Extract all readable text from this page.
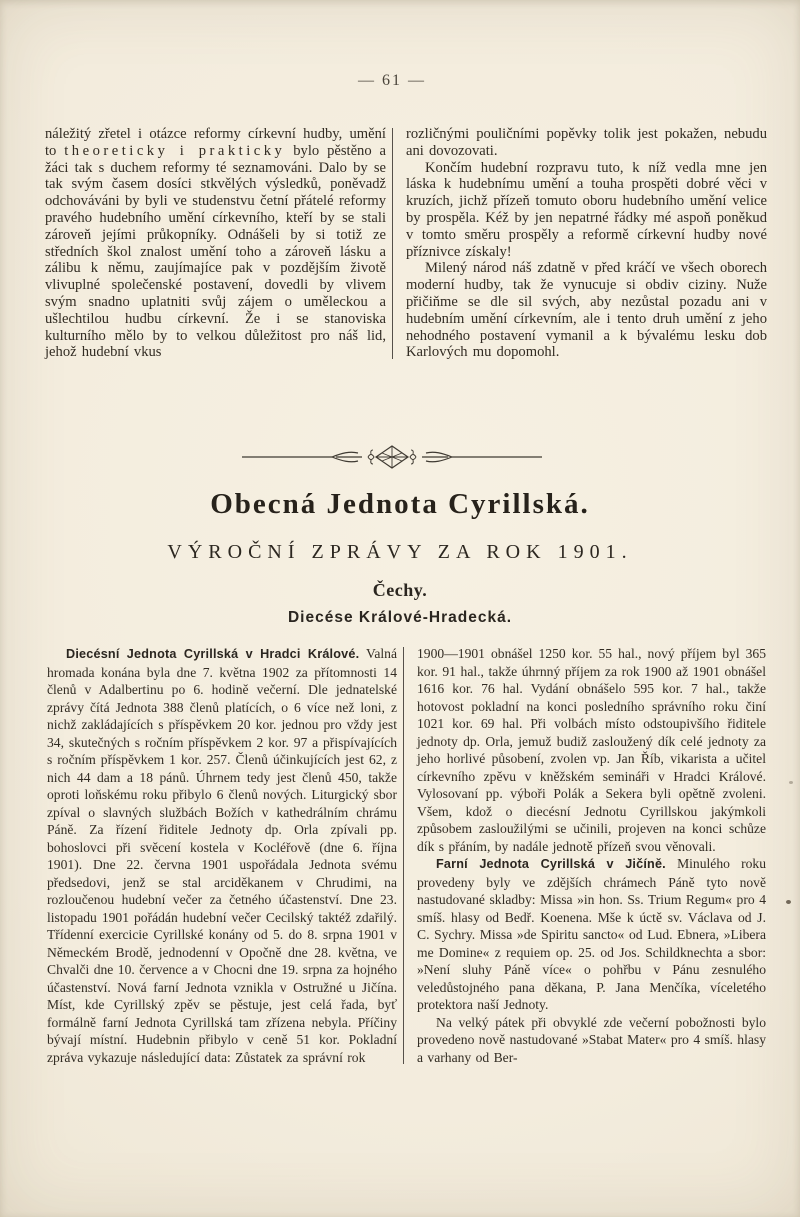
— 61 —

náležitý zřetel i otázce reformy církevní hudby, umění to theoreticky i prakticky bylo pěstěno a žáci tak s duchem reformy té seznamováni. Dalo by se tak svým časem dosíci stkvělých výsledků, poněvadž odchováváni by byli ve studenstvu četní přátelé reformy pravého hudebního umění církevního, kteří by se stali zároveň jejími průkopníky. Odnášeli by si totiž ze středních škol znalost umění toho a zároveň lásku a zálibu k němu, zaujímajíce pak v pozdějším životě vlivuplné společenské postavení, dovedli by vlivem svým snadno uplatniti svůj zájem o uměleckou a ušlechtilou hudbu církevní. Že i se stanoviska kulturního mělo by to velkou důležitost pro náš lid, jehož hudební vkus

rozličnými pouličními popěvky tolik jest pokažen, nebudu ani dovozovati.

Končím hudební rozpravu tuto, k níž vedla mne jen láska k hudebnímu umění a touha prospěti dobré věci v kruzích, jichž přízeň tomuto oboru hudebního umění velice by prospěla. Kéž by jen nepatrné řádky mé aspoň poněkud v tomto směru prospěly a reformě církevní hudby nové příznivce získaly!

Milený národ náš zdatně v před kráčí ve všech oborech moderní hudby, tak že vynucuje si obdiv ciziny. Nuže přičiňme se dle sil svých, aby nezůstal pozadu ani v hudebním umění církevním, ale i tento druh umění z jeho nehodného postavení vymanil a k bývalému lesku dob Karlových mu dopomohl.

Obecná Jednota Cyrillská.
VÝROČNÍ ZPRÁVY ZA ROK 1901.
Čechy.
Diecése Králové-Hradecká.

Diecésní Jednota Cyrillská v Hradci Králové. Valná hromada konána byla dne 7. května 1902 za přítomnosti 14 členů v Adalbertinu po 6. hodině večerní. Dle jednatelské zprávy čítá Jednota 388 členů platících, o 6 více než loni, z nichž zakládajících s příspěvkem 20 kor. jednou pro vždy jest 34, skutečných s ročním příspěvkem 2 kor. 97 a přispívajících s ročním příspěvkem 1 kor. 257. Členů účinkujících jest 62, z nich 44 dam a 18 pánů. Úhrnem tedy jest členů 450, takže oproti loňskému roku přibylo 6 členů nových. Liturgický sbor zpíval o slavných službách Božích v kathedrálním chrámu Páně. Za řízení řiditele Jednoty dp. Orla zpívali pp. bohoslovci při svěcení kostela v Kocléřově (dne 6. října 1901). Dne 22. června 1901 uspořádala Jednota svému předsedovi, jenž se stal arciděkanem v Chrudimi, na rozloučenou hudební večer za četného účastenství. Dne 23. listopadu 1901 pořádán hudební večer Cecilský taktéž zdařilý. Třídenní exercicie Cyrillské konány od 5. do 8. srpna 1901 v Německém Brodě, jednodenní v Opočně dne 28. května, ve Chvalči dne 10. července a v Chocni dne 19. srpna za hojného účastenství. Nová farní Jednota vznikla v Ostružné u Jičína. Míst, kde Cyrillský zpěv se pěstuje, jest celá řada, byť formálně farní Jednota Cyrillská tam zřízena nebyla. Příčiny bývají místní. Hudebnin přibylo v ceně 51 kor. Pokladní zpráva vykazuje následující data: Zůstatek za správní rok

1900—1901 obnášel 1250 kor. 55 hal., nový příjem byl 365 kor. 91 hal., takže úhrnný příjem za rok 1900 až 1901 obnášel 1616 kor. 76 hal. Vydání obnášelo 595 kor. 7 hal., takže hotovost pokladní na konci posledního správního roku činí 1021 kor. 69 hal. Při volbách místo odstoupivšího řiditele jednoty dp. Orla, jemuž budiž zasloužený dík celé jednoty za jeho horlivé působení, zvolen vp. Jan Říb, vikarista a učitel církevního zpěvu v kněžském semináři v Hradci Králové. Vylosovaní pp. výboři Polák a Sekera byli opětně zvoleni. Všem, kdož o diecésní Jednotu Cyrillskou jakýmkoli způsobem zasloužilými se učinili, projeven na konci schůze dík s přáním, by nadále jednotě přízeň svou věnovali.

Farní Jednota Cyrillská v Jičíně. Minulého roku provedeny byly ve zdějších chrámech Páně tyto nově nastudované skladby: Missa »in hon. Ss. Trium Regum« pro 4 smíš. hlasy od Bedř. Koenena. Mše k úctě sv. Václava od J. C. Sychry. Missa »de Spiritu sancto« od Lud. Ebnera, »Libera me Domine« z requiem op. 25. od Jos. Schildknechta a sbor: »Není sluhy Páně více« o pohřbu v Pánu zesnulého veledůstojného pana děkana, P. Jana Menčíka, víceletého protektora naší Jednoty.

Na velký pátek při obvyklé zde večerní pobožnosti bylo provedeno nově nastudované »Stabat Mater« pro 4 smíš. hlasy a varhany od Ber-
